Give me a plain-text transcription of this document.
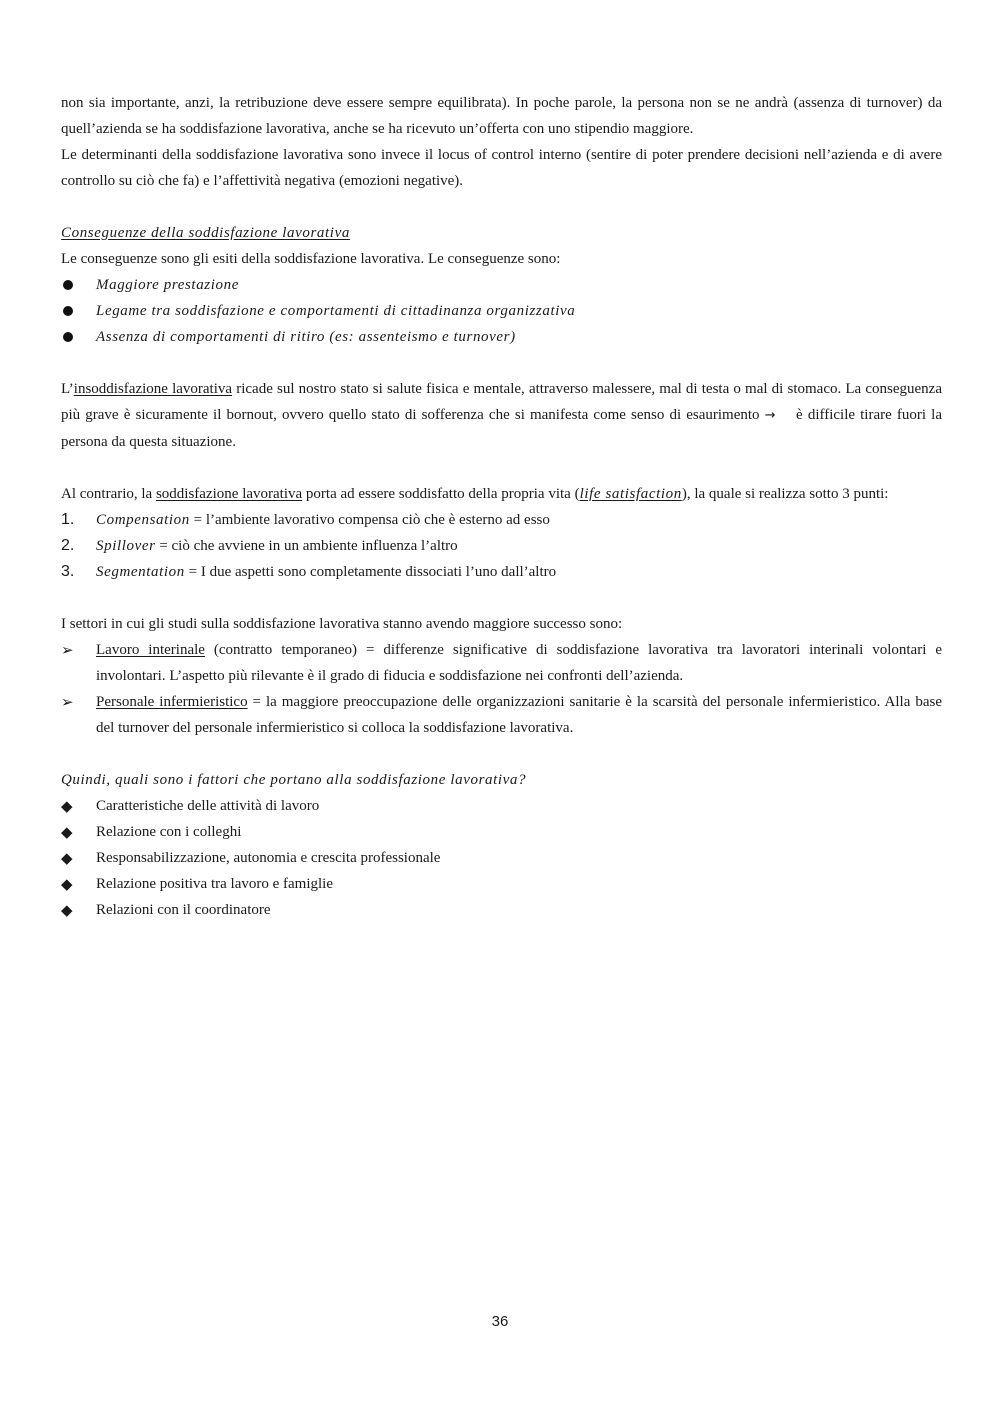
non sia importante, anzi, la retribuzione deve essere sempre equilibrata). In poche parole, la persona non se ne andrà (assenza di turnover) da quell’azienda se ha soddisfazione lavorativa, anche se ha ricevuto un’offerta con uno stipendio maggiore.

Le determinanti della soddisfazione lavorativa sono invece il locus of control interno (sentire di poter prendere decisioni nell’azienda e di avere controllo su ciò che fa) e l’affettività negativa (emozioni negative).

Conseguenze della soddisfazione lavorativa

Le conseguenze sono gli esiti della soddisfazione lavorativa. Le conseguenze sono:

Maggiore prestazione
Legame tra soddisfazione e comportamenti di cittadinanza organizzativa
Assenza di comportamenti di ritiro (es: assenteismo e turnover)

L’insoddisfazione lavorativa ricade sul nostro stato si salute fisica e mentale, attraverso malessere, mal di testa o mal di stomaco. La conseguenza più grave è sicuramente il bornout, ovvero quello stato di sofferenza che si manifesta come senso di esaurimento → è difficile tirare fuori la persona da questa situazione.

Al contrario, la soddisfazione lavorativa porta ad essere soddisfatto della propria vita (life satisfaction), la quale si realizza sotto 3 punti:

1.	Compensation = l’ambiente lavorativo compensa ciò che è esterno ad esso
2.	Spillover = ciò che avviene in un ambiente influenza l’altro
3.	Segmentation = I due aspetti sono completamente dissociati l’uno dall’altro

I settori in cui gli studi sulla soddisfazione lavorativa stanno avendo maggiore successo sono:

➢	Lavoro interinale (contratto temporaneo) = differenze significative di soddisfazione lavorativa tra lavoratori interinali volontari e involontari. L’aspetto più rilevante è il grado di fiducia e soddisfazione nei confronti dell’azienda.
➢	Personale infermieristico = la maggiore preoccupazione delle organizzazioni sanitarie è la scarsità del personale infermieristico. Alla base del turnover del personale infermieristico si colloca la soddisfazione lavorativa.

Quindi, quali sono i fattori che portano alla soddisfazione lavorativa?

◆	Caratteristiche delle attività di lavoro
◆	Relazione con i colleghi
◆	Responsabilizzazione, autonomia e crescita professionale
◆	Relazione positiva tra lavoro e famiglie
◆	Relazioni con il coordinatore
36
